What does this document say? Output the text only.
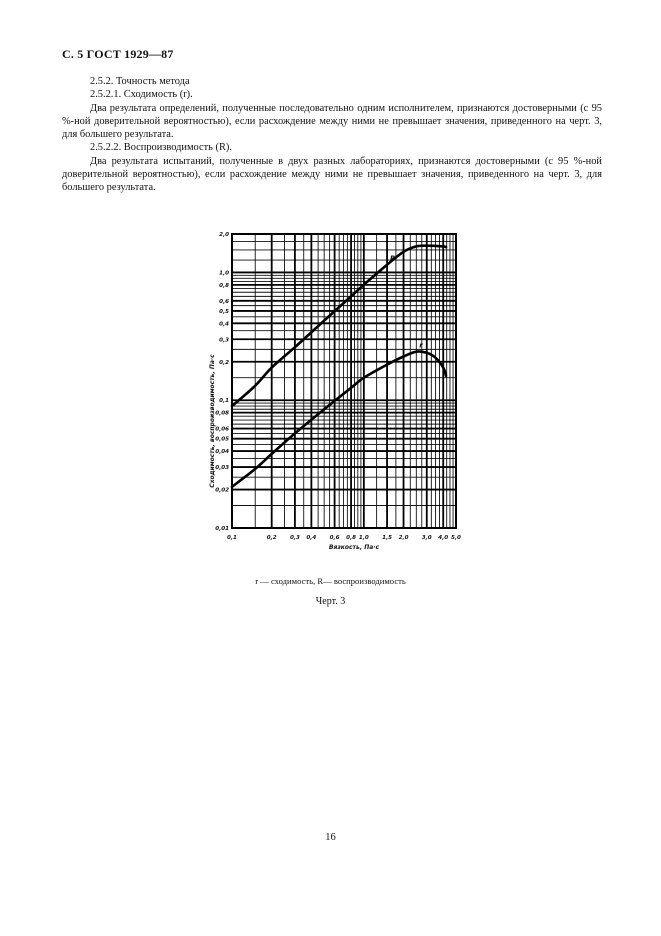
С. 5 ГОСТ 1929—87

2.5.2. Точность метода

2.5.2.1. Сходимость (r).

Два результата определений, полученные последовательно одним исполнителем, признаются достоверными (с 95 %-ной доверительной вероятностью), если расхождение между ними не превышает значения, приведенного на черт. 3, для большего результата.

2.5.2.2. Воспроизводимость (R).

Два результата испытаний, полученные в двух разных лабораториях, признаются достоверными (с 95 %-ной доверительной вероятностью), если расхождение между ними не превышает значения, приведенного на черт. 3, для большего результата.

R
r
0,1	0,2 0,3 0,4 0,6 0,8 1,0 1,5 2,0 3,0 4,0 5,0
2,0
1,0
0,8
0,6
0,5
0,4
0,3
0,2
0,1
0,08
0,06
0,05
0,04
0,03
0,02
0,01
Вязкость, Па·с
Сходимость, воспроизводимость, Па·с
r — сходимость, R— воспроизводимость
Черт. 3
16
